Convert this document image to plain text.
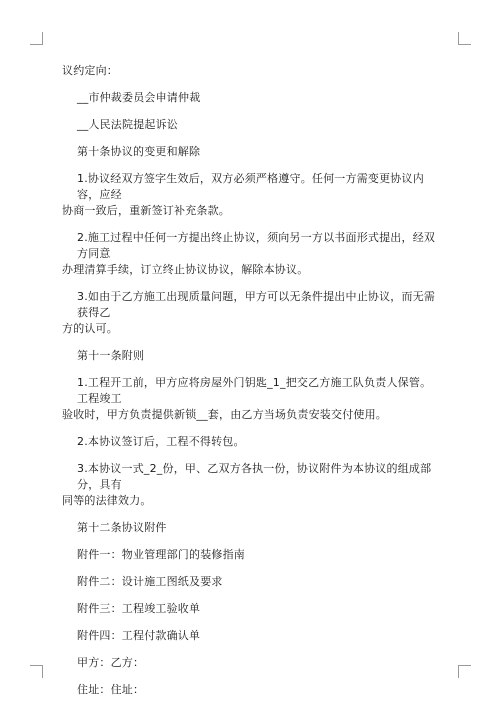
议约定向：

__市仲裁委员会申请仲裁

__人民法院提起诉讼

第十条协议的变更和解除

1.协议经双方签字生效后，双方必须严格遵守。任何一方需变更协议内容，应经
协商一致后，重新签订补充条款。

2.施工过程中任何一方提出终止协议，须向另一方以书面形式提出，经双方同意
办理清算手续，订立终止协议协议，解除本协议。

3.如由于乙方施工出现质量问题，甲方可以无条件提出中止协议，而无需获得乙
方的认可。

第十一条附则

1.工程开工前，甲方应将房屋外门钥匙_1_把交乙方施工队负责人保管。工程竣工
验收时，甲方负责提供新锁__套，由乙方当场负责安装交付使用。

2.本协议签订后，工程不得转包。

3.本协议一式_2_份，甲、乙双方各执一份，协议附件为本协议的组成部分，具有
同等的法律效力。

第十二条协议附件

附件一：物业管理部门的装修指南

附件二：设计施工图纸及要求

附件三：工程竣工验收单

附件四：工程付款确认单

甲方：乙方：

住址：住址：
